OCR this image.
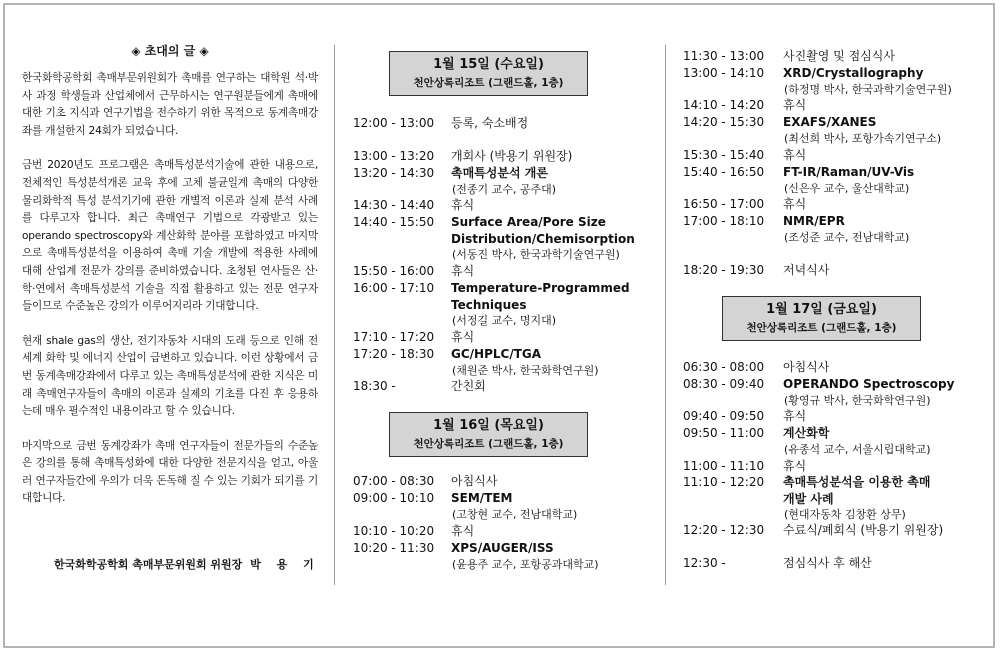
◈ 초대의 글 ◈

한국화학공학회 촉매부문위원회가 촉매를 연구하는 대학원 석·박사 과정 학생들과 산업체에서 근무하시는 연구원분들에게 촉매에 대한 기초 지식과 연구기법을 전수하기 위한 목적으로 동계촉매강좌를 개설한지 24회가 되었습니다.

금번 2020년도 프로그램은 촉매특성분석기술에 관한 내용으로, 전체적인 특성분석개론 교육 후에 고체 불균일계 촉매의 다양한 물리화학적 특성 분석기기에 관한 개별적 이론과 실제 분석 사례를 다루고자 합니다. 최근 촉매연구 기법으로 각광받고 있는 operando spectroscopy와 계산화학 분야를 포함하였고 마지막으로 촉매특성분석을 이용하여 촉매 기술 개발에 적용한 사례에 대해 산업계 전문가 강의를 준비하였습니다. 초청된 연사들은 산·학·연에서 촉매특성분석 기술을 직접 활용하고 있는 전문 연구자들이므로 수준높은 강의가 이루어지리라 기대합니다.

현재 shale gas의 생산, 전기자동차 시대의 도래 등으로 인해 전세계 화학 및 에너지 산업이 급변하고 있습니다. 이런 상황에서 금번 동계촉매강좌에서 다루고 있는 촉매특성분석에 관한 지식은 미래 촉매연구자들이 촉매의 이론과 실제의 기초를 다진 후 응용하는데 매우 필수적인 내용이라고 할 수 있습니다.

마지막으로 금번 동계강좌가 촉매 연구자들이 전문가들의 수준높은 강의를 통해 촉매특성화에 대한 다양한 전문지식을 얻고, 아울러 연구자들간에 우의가 더욱 돈독해 질 수 있는 기회가 되기를 기대합니다.

한국화학공학회 촉매부문위원회 위원장 박 용 기
1월 15일 (수요일)
천안상록리조트 (그랜드홀, 1층)
1월 16일 (목요일)
천안상록리조트 (그랜드홀, 1층)
1월 17일 (금요일)
천안상록리조트 (그랜드홀, 1층)
12:00 - 13:00 등록, 숙소배정
13:00 - 13:20 개회사 (박용기 위원장)
13:20 - 14:30 촉매특성분석 개론
(전종기 교수, 공주대)
14:30 - 14:40 휴식
14:40 - 15:50 Surface Area/Pore Size
Distribution/Chemisorption
(서동진 박사, 한국과학기술연구원)
15:50 - 16:00 휴식
16:00 - 17:10 Temperature-Programmed
Techniques
(서정길 교수, 명지대)
17:10 - 17:20 휴식
17:20 - 18:30 GC/HPLC/TGA
(채원준 박사, 한국화학연구원)
18:30 -	간친회
07:00 - 08:30 아침식사
09:00 - 10:10 SEM/TEM
(고창현 교수, 전남대학교)
10:10 - 10:20 휴식
10:20 - 11:30 XPS/AUGER/ISS
(윤용주 교수, 포항공과대학교)
11:30 - 13:00 사진촬영 및 점심식사
13:00 - 14:10 XRD/Crystallography
(하정명 박사, 한국과학기술연구원)
14:10 - 14:20 휴식
14:20 - 15:30 EXAFS/XANES
(최선희 박사, 포항가속기연구소)
15:30 - 15:40 휴식
15:40 - 16:50 FT-IR/Raman/UV-Vis
(신은우 교수, 울산대학교)
16:50 - 17:00 휴식
17:00 - 18:10 NMR/EPR
(조성준 교수, 전남대학교)
18:20 - 19:30 저녁식사
06:30 - 08:00 아침식사
08:30 - 09:40 OPERANDO Spectroscopy
(황영규 박사, 한국화학연구원)
09:40 - 09:50 휴식
09:50 - 11:00 계산화학
(유종석 교수, 서울시립대학교)
11:00 - 11:10 휴식
11:10 - 12:20 촉매특성분석을 이용한 촉매
개발 사례
(현대자동차 김창환 상무)
12:20 - 12:30 수료식/폐회식 (박용기 위원장)
12:30 -	점심식사 후 해산
